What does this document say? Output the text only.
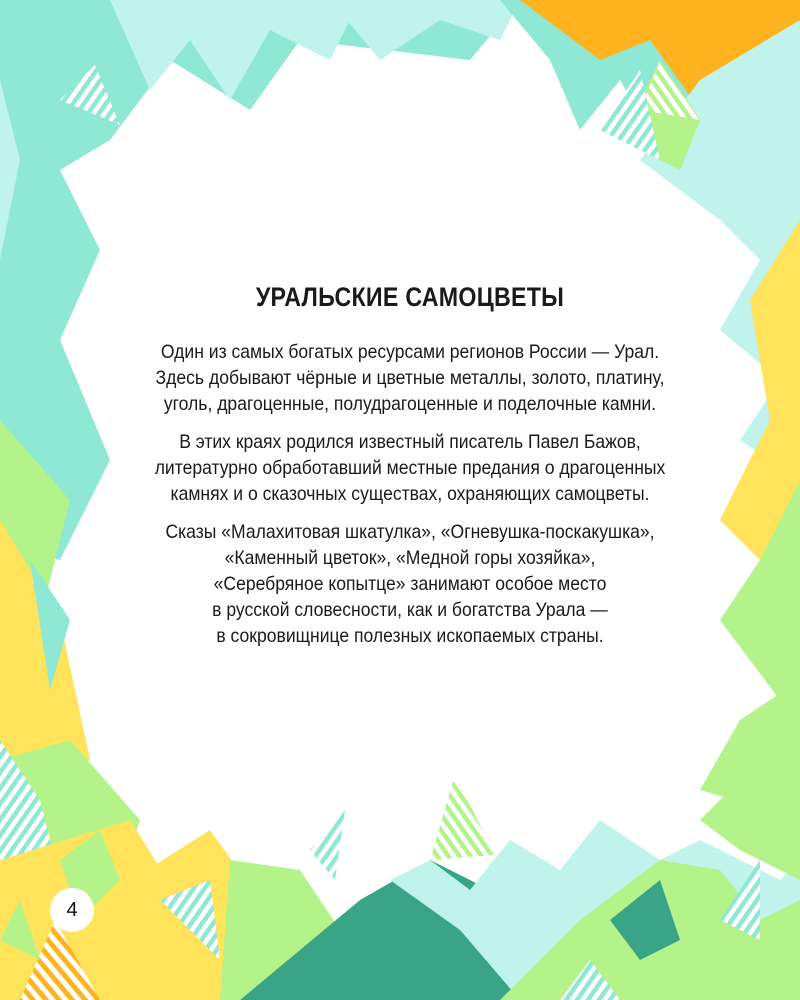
УРАЛЬСКИЕ САМОЦВЕТЫ

Один из самых богатых ресурсами регионов России — Урал.
Здесь добывают чёрные и цветные металлы, золото, платину,
уголь, драгоценные, полудрагоценные и поделочные камни.

В этих краях родился известный писатель Павел Бажов,
литературно обработавший местные предания о драгоценных
камнях и о сказочных существах, охраняющих самоцветы.

Сказы «Малахитовая шкатулка», «Огневушка-поскакушка»,
«Каменный цветок», «Медной горы хозяйка»,
«Серебряное копытце» занимают особое место
в русской словесности, как и богатства Урала —
в сокровищнице полезных ископаемых страны.

4
